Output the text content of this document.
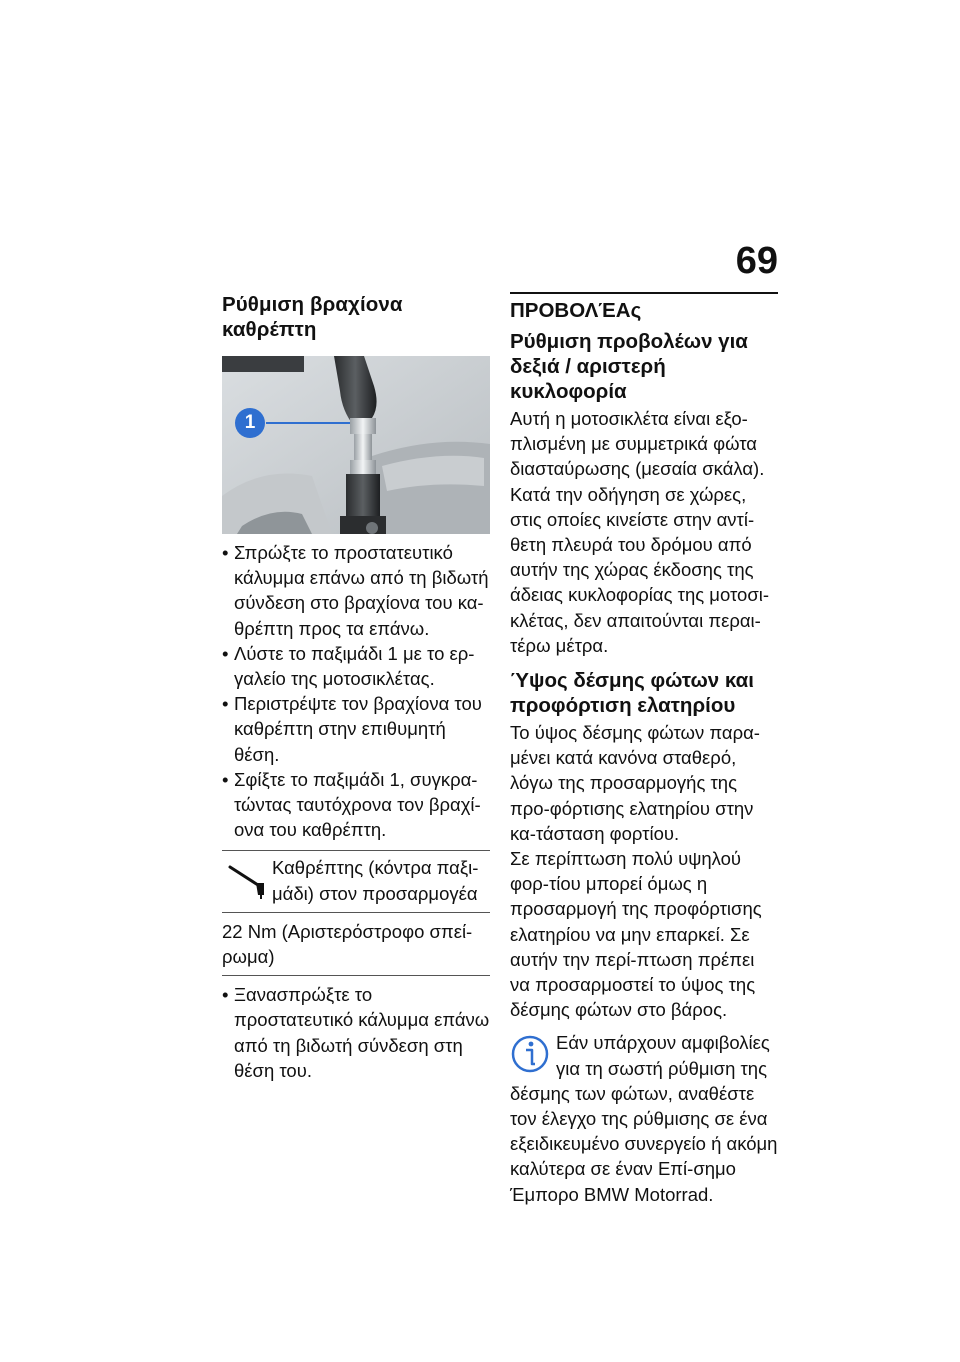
69
Ρύθμιση βραχίονα καθρέπτη
1
• Σπρώξτε το προστατευτικό κάλυμμα επάνω από τη βιδωτή σύνδεση στο βραχίονα του κα-θρέπτη προς τα επάνω.
• Λύστε το παξιμάδι 1 με το ερ-γαλείο της μοτοσικλέτας.
• Περιστρέψτε τον βραχίονα του καθρέπτη στην επιθυμητή θέση.
• Σφίξτε το παξιμάδι 1, συγκρα-τώντας ταυτόχρονα τον βραχί-ονα του καθρέπτη.
Καθρέπτης (κόντρα παξι-μάδι) στον προσαρμογέα
22 Nm (Αριστερόστροφο σπεί-ρωμα)
• Ξανασπρώξτε το προστατευτικό κάλυμμα επάνω από τη βιδωτή σύνδεση στη θέση του.
ΠΡΟΒΟΛΈΑς
Ρύθμιση προβολέων για δεξιά / αριστερή κυκλοφορία

Αυτή η μοτοσικλέτα είναι εξο-πλισμένη με συμμετρικά φώτα διασταύρωσης (μεσαία σκάλα). Κατά την οδήγηση σε χώρες, στις οποίες κινείστε στην αντί-θετη πλευρά του δρόμου από αυτήν της χώρας έκδοσης της άδειας κυκλοφορίας της μοτοσι-κλέτας, δεν απαιτούνται περαι-τέρω μέτρα.

Ύψος δέσμης φώτων και προφόρτιση ελατηρίου

Το ύψος δέσμης φώτων παρα-μένει κατά κανόνα σταθερό, λόγω της προσαρμογής της προ-φόρτισης ελατηρίου στην κα-τάσταση φορτίου.

Σε περίπτωση πολύ υψηλού φορ-τίου μπορεί όμως η προσαρμογή της προφόρτισης ελατηρίου να μην επαρκεί. Σε αυτήν την περί-πτωση πρέπει να προσαρμοστεί το ύψος της δέσμης φώτων στο βάρος.

Εάν υπάρχουν αμφιβολίες για τη σωστή ρύθμιση της δέσμης των φώτων, αναθέστε τον έλεγχο της ρύθμισης σε ένα εξειδικευμένο συνεργείο ή ακόμη καλύτερα σε έναν Επί-σημο Έμπορο BMW Motorrad.
